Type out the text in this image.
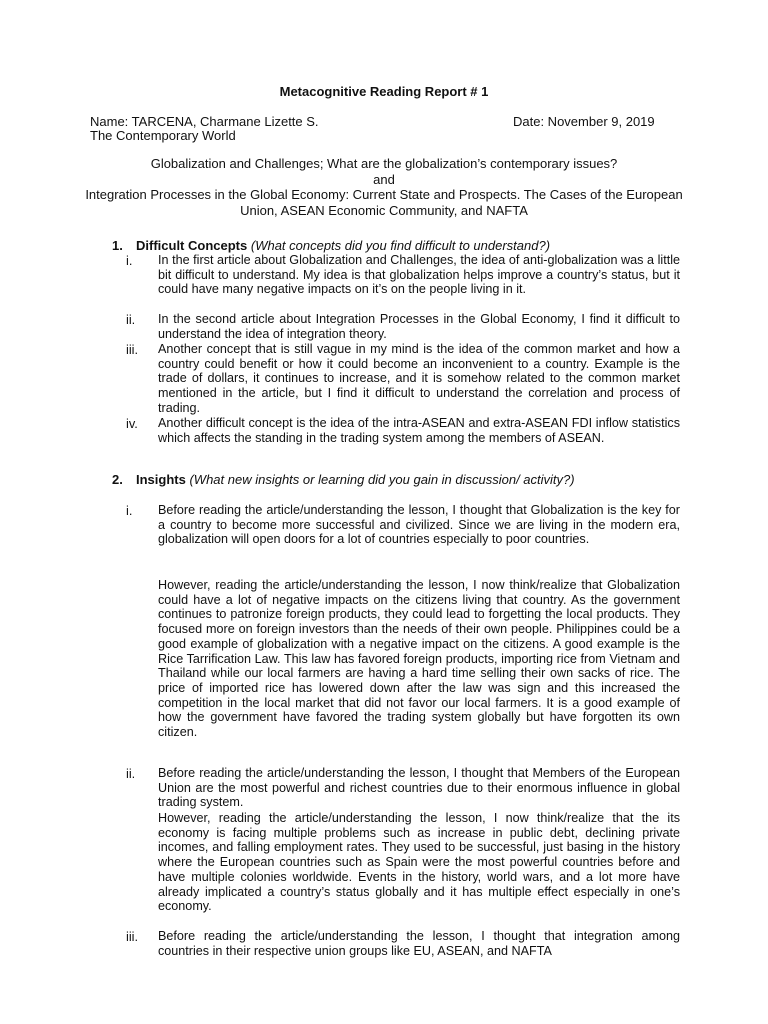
Metacognitive Reading Report # 1
Name: TARCENA, Charmane Lizette S.	Date: November 9, 2019
The Contemporary World
Globalization and Challenges; What are the globalization’s contemporary issues?
and
Integration Processes in the Global Economy: Current State and Prospects. The Cases of the European Union, ASEAN Economic Community, and NAFTA
1. Difficult Concepts (What concepts did you find difficult to understand?)
i.	In the first article about Globalization and Challenges, the idea of anti-globalization was a little bit difficult to understand. My idea is that globalization helps improve a country’s status, but it could have many negative impacts on it’s on the people living in it.
ii.	In the second article about Integration Processes in the Global Economy, I find it difficult to understand the idea of integration theory.
iii.	Another concept that is still vague in my mind is the idea of the common market and how a country could benefit or how it could become an inconvenient to a country. Example is the trade of dollars, it continues to increase, and it is somehow related to the common market mentioned in the article, but I find it difficult to understand the correlation and process of trading.
iv.	Another difficult concept is the idea of the intra-ASEAN and extra-ASEAN FDI inflow statistics which affects the standing in the trading system among the members of ASEAN.
2. Insights (What new insights or learning did you gain in discussion/ activity?)
i.	Before reading the article/understanding the lesson, I thought that Globalization is the key for a country to become more successful and civilized. Since we are living in the modern era, globalization will open doors for a lot of countries especially to poor countries.
However, reading the article/understanding the lesson, I now think/realize that Globalization could have a lot of negative impacts on the citizens living that country. As the government continues to patronize foreign products, they could lead to forgetting the local products. They focused more on foreign investors than the needs of their own people. Philippines could be a good example of globalization with a negative impact on the citizens. A good example is the Rice Tarrification Law. This law has favored foreign products, importing rice from Vietnam and Thailand while our local farmers are having a hard time selling their own sacks of rice. The price of imported rice has lowered down after the law was sign and this increased the competition in the local market that did not favor our local farmers. It is a good example of how the government have favored the trading system globally but have forgotten its own citizen.
ii.	Before reading the article/understanding the lesson, I thought that Members of the European Union are the most powerful and richest countries due to their enormous influence in global trading system.
However, reading the article/understanding the lesson, I now think/realize that the its economy is facing multiple problems such as increase in public debt, declining private incomes, and falling employment rates. They used to be successful, just basing in the history where the European countries such as Spain were the most powerful countries before and have multiple colonies worldwide. Events in the history, world wars, and a lot more have already implicated a country’s status globally and it has multiple effect especially in one’s economy.
iii.	Before reading the article/understanding the lesson, I thought that integration among countries in their respective union groups like EU, ASEAN, and NAFTA
